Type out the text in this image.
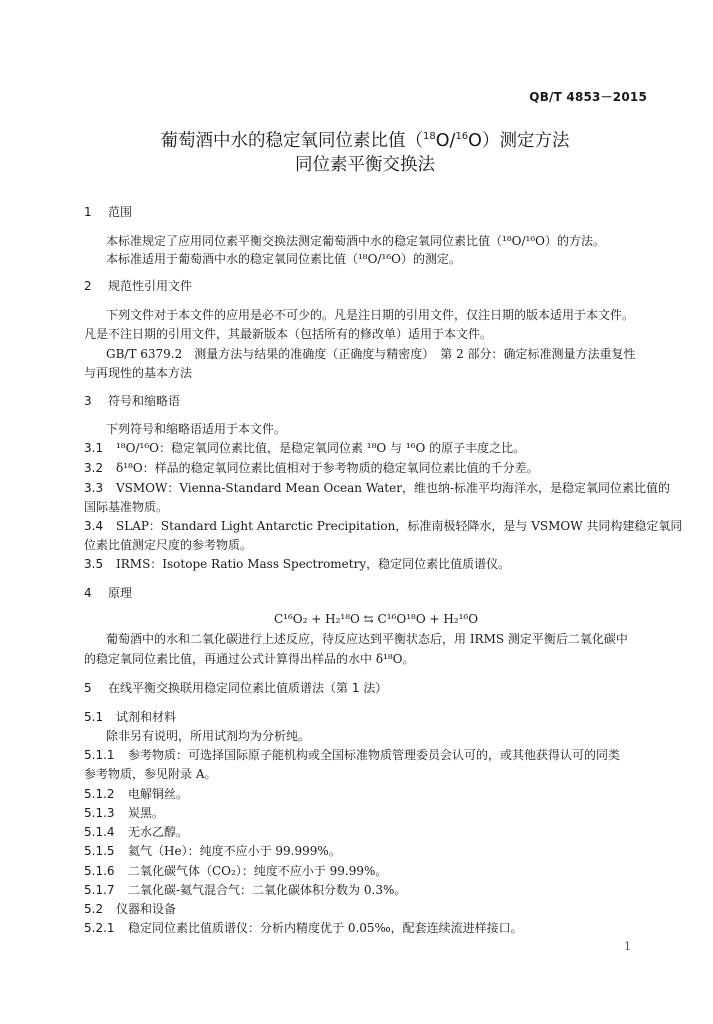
QB/T 4853－2015
葡萄酒中水的稳定氧同位素比值（$^{18}$O/$^{16}$O）测定方法
同位素平衡交换法
1 范围
本标准规定了应用同位素平衡交换法测定葡萄酒中水的稳定氧同位素比值（¹⁸O/¹⁶O）的方法。
本标准适用于葡萄酒中水的稳定氧同位素比值（¹⁸O/¹⁶O）的测定。
2 规范性引用文件
下列文件对于本文件的应用是必不可少的。凡是注日期的引用文件，仅注日期的版本适用于本文件。
凡是不注日期的引用文件，其最新版本（包括所有的修改单）适用于本文件。
GB/T 6379.2　测量方法与结果的准确度（正确度与精密度）　第 2 部分：确定标准测量方法重复性
与再现性的基本方法
3 符号和缩略语
下列符号和缩略语适用于本文件。
3.1 ¹⁸O/¹⁶O：稳定氧同位素比值，是稳定氧同位素 ¹⁸O 与 ¹⁶O 的原子丰度之比。
3.2 δ¹⁸O：样品的稳定氧同位素比值相对于参考物质的稳定氧同位素比值的千分差。
3.3 VSMOW：Vienna-Standard Mean Ocean Water，维也纳-标准平均海洋水，是稳定氧同位素比值的
国际基准物质。
3.4 SLAP：Standard Light Antarctic Precipitation，标准南极轻降水，是与 VSMOW 共同构建稳定氧同
位素比值测定尺度的参考物质。
3.5 IRMS：Isotope Ratio Mass Spectrometry，稳定同位素比值质谱仪。
4 原理
C¹⁶O₂ + H₂¹⁸O ⇆ C¹⁶O¹⁸O + H₂¹⁶O
葡萄酒中的水和二氧化碳进行上述反应，待反应达到平衡状态后，用 IRMS 测定平衡后二氧化碳中
的稳定氧同位素比值，再通过公式计算得出样品的水中 δ¹⁸O。
5 在线平衡交换联用稳定同位素比值质谱法（第 1 法）
5.1 试剂和材料
除非另有说明，所用试剂均为分析纯。
5.1.1 参考物质：可选择国际原子能机构或全国标准物质管理委员会认可的，或其他获得认可的同类
参考物质，参见附录 A。
5.1.2 电解铜丝。
5.1.3 炭黑。
5.1.4 无水乙醇。
5.1.5 氦气（He）：纯度不应小于 99.999%。
5.1.6 二氧化碳气体（CO₂）：纯度不应小于 99.99%。
5.1.7 二氧化碳-氦气混合气：二氧化碳体积分数为 0.3%。
5.2 仪器和设备
5.2.1 稳定同位素比值质谱仪：分析内精度优于 0.05‰，配套连续流进样接口。
1
